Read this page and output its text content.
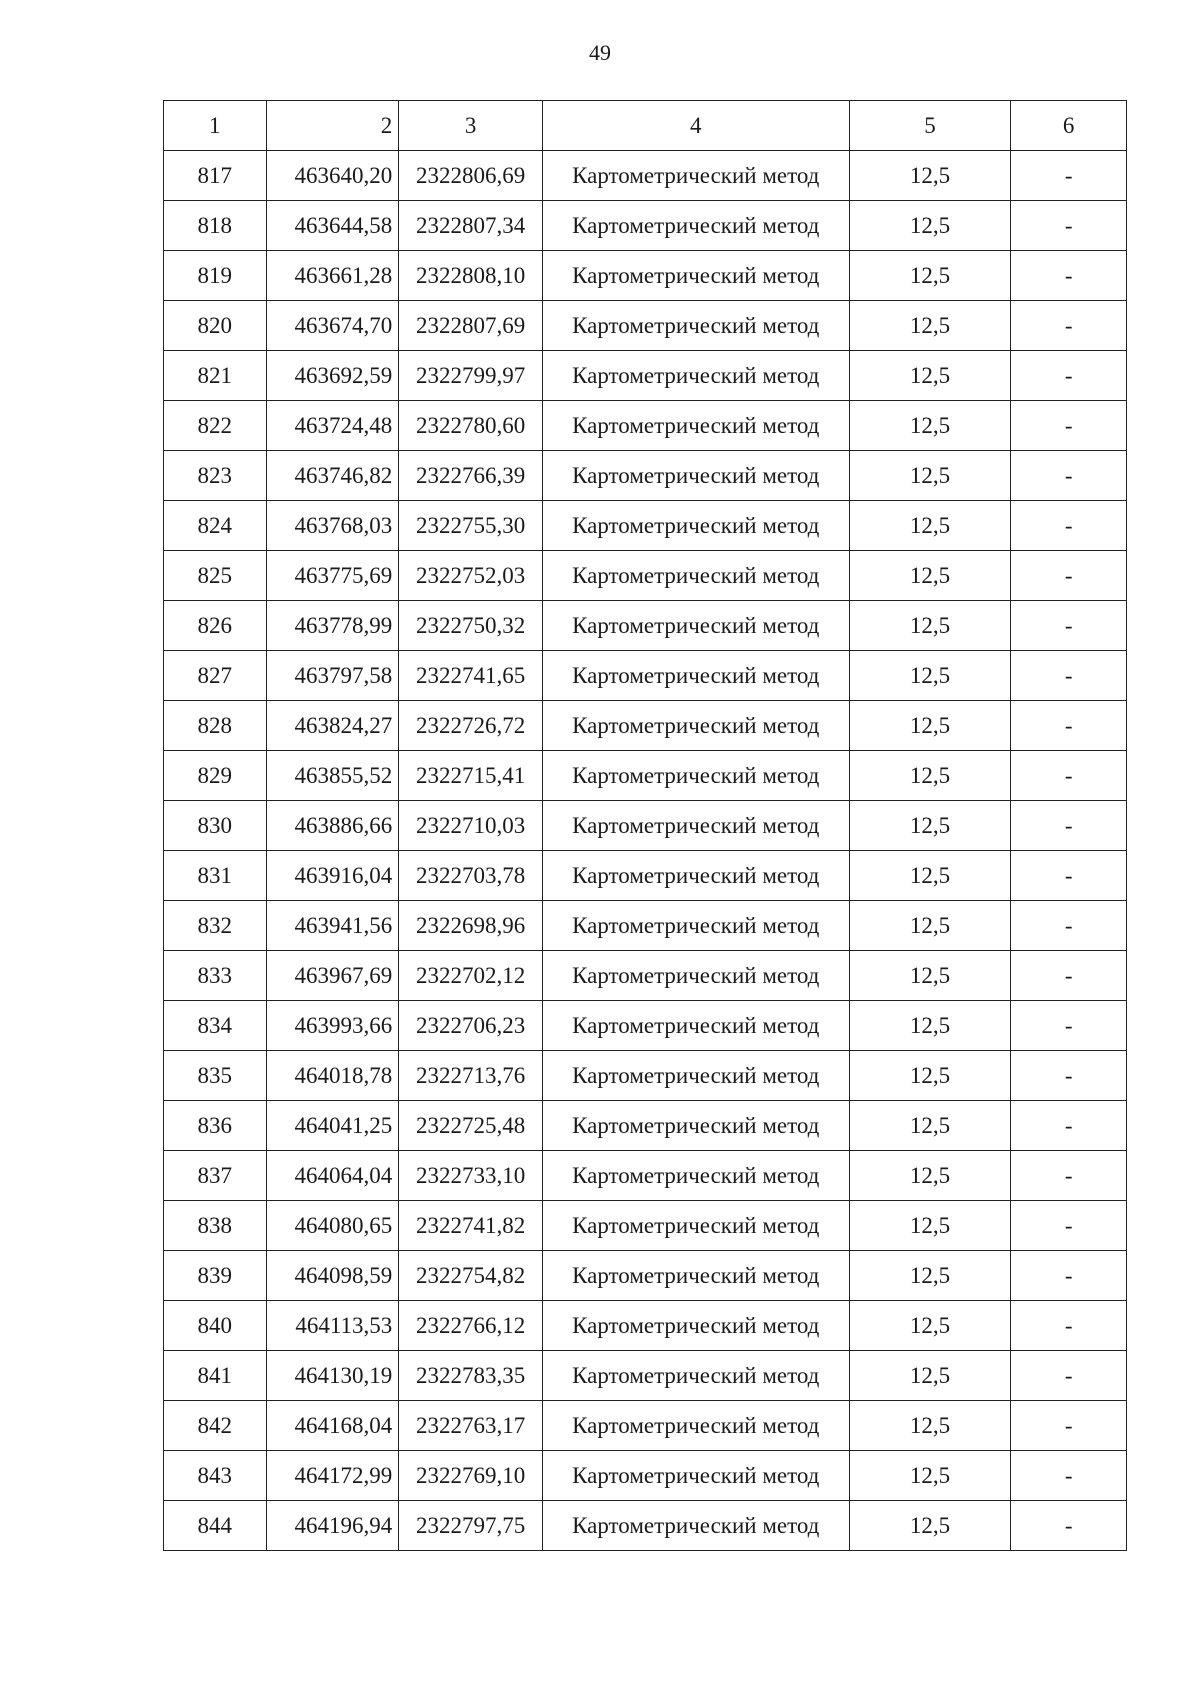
49
1	2	3	4	5	6
817	463640,20	2322806,69	Картометрический метод	12,5	-
818	463644,58	2322807,34	Картометрический метод	12,5	-
819	463661,28	2322808,10	Картометрический метод	12,5	-
820	463674,70	2322807,69	Картометрический метод	12,5	-
821	463692,59	2322799,97	Картометрический метод	12,5	-
822	463724,48	2322780,60	Картометрический метод	12,5	-
823	463746,82	2322766,39	Картометрический метод	12,5	-
824	463768,03	2322755,30	Картометрический метод	12,5	-
825	463775,69	2322752,03	Картометрический метод	12,5	-
826	463778,99	2322750,32	Картометрический метод	12,5	-
827	463797,58	2322741,65	Картометрический метод	12,5	-
828	463824,27	2322726,72	Картометрический метод	12,5	-
829	463855,52	2322715,41	Картометрический метод	12,5	-
830	463886,66	2322710,03	Картометрический метод	12,5	-
831	463916,04	2322703,78	Картометрический метод	12,5	-
832	463941,56	2322698,96	Картометрический метод	12,5	-
833	463967,69	2322702,12	Картометрический метод	12,5	-
834	463993,66	2322706,23	Картометрический метод	12,5	-
835	464018,78	2322713,76	Картометрический метод	12,5	-
836	464041,25	2322725,48	Картометрический метод	12,5	-
837	464064,04	2322733,10	Картометрический метод	12,5	-
838	464080,65	2322741,82	Картометрический метод	12,5	-
839	464098,59	2322754,82	Картометрический метод	12,5	-
840	464113,53	2322766,12	Картометрический метод	12,5	-
841	464130,19	2322783,35	Картометрический метод	12,5	-
842	464168,04	2322763,17	Картометрический метод	12,5	-
843	464172,99	2322769,10	Картометрический метод	12,5	-
844	464196,94	2322797,75	Картометрический метод	12,5	-
